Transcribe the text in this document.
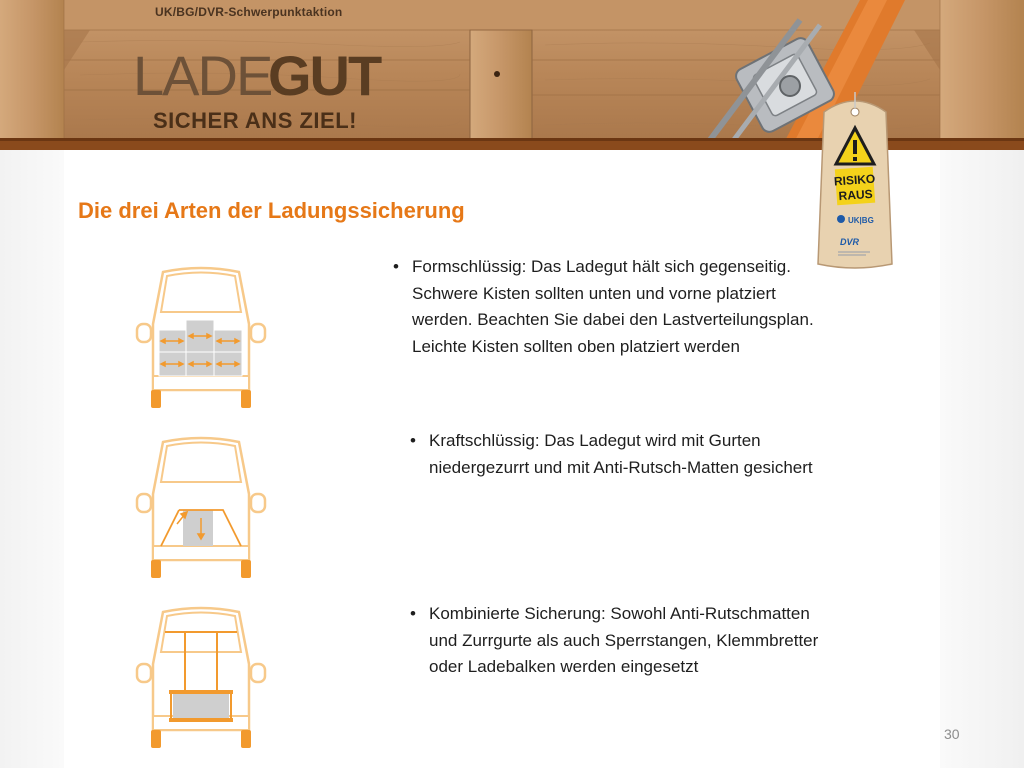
UK/BG/DVR-Schwerpunktaktion
LADE
GUT
SICHER ANS ZIEL!
RISIKO
RAUS
UK|BG
DVR
Die drei Arten der Ladungssicherung
• Formschlüssig: Das Ladegut hält sich gegenseitig. Schwere Kisten sollten unten und vorne platziert werden. Beachten Sie dabei den Lastverteilungsplan. Leichte Kisten sollten oben platziert werden
• Kraftschlüssig: Das Ladegut wird mit Gurten niedergezurrt und mit Anti-Rutsch-Matten gesichert
• Kombinierte Sicherung: Sowohl Anti-Rutschmatten und Zurrgurte als auch Sperrstangen, Klemmbretter oder Ladebalken werden eingesetzt
30
